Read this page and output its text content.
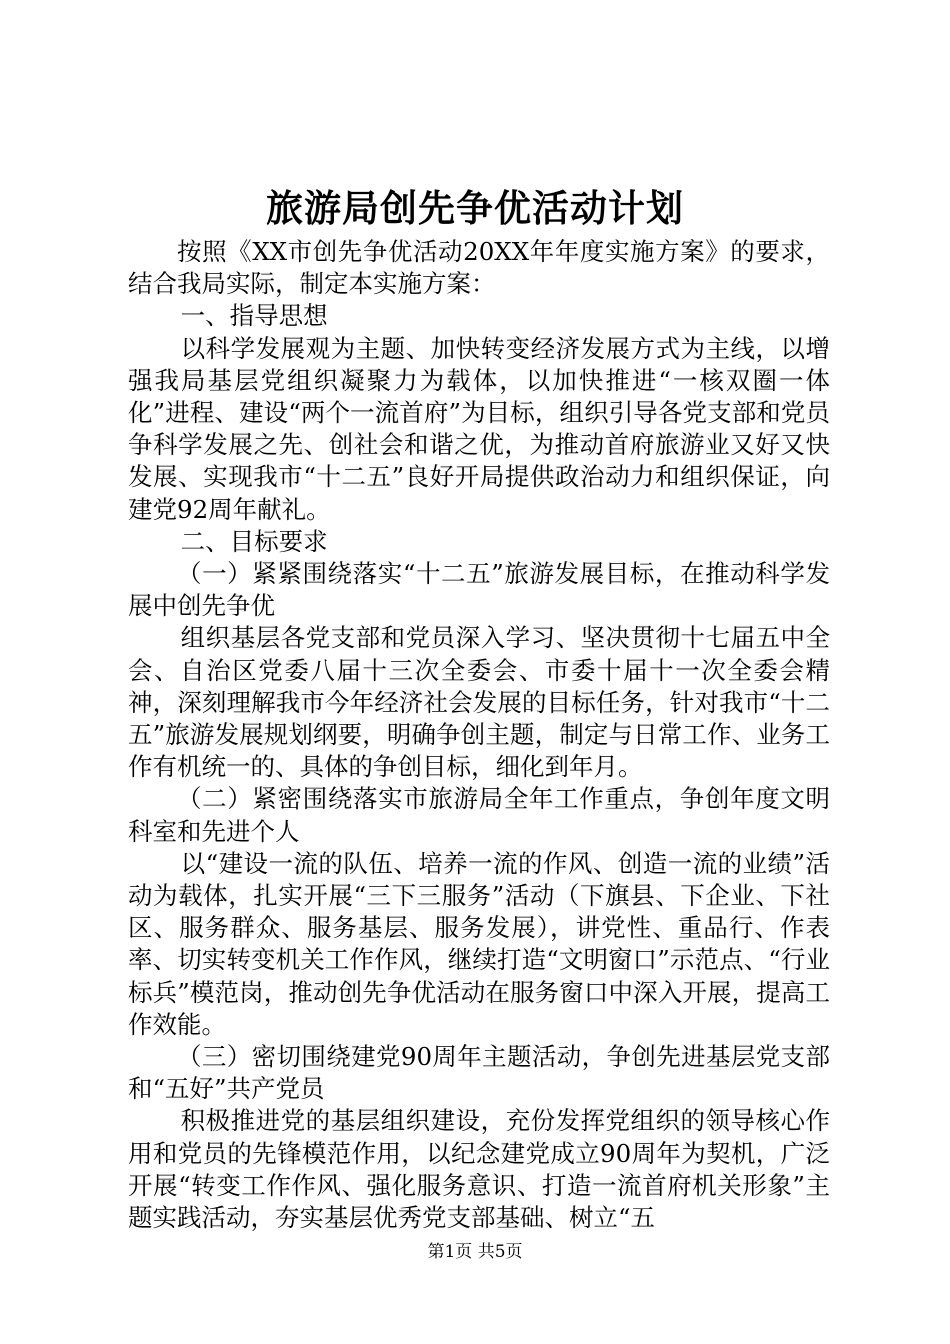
旅游局创先争优活动计划

按照《XX市创先争优活动20XX年年度实施方案》的要求，结合我局实际，制定本实施方案：

一、指导思想

以科学发展观为主题、加快转变经济发展方式为主线，以增强我局基层党组织凝聚力为载体，以加快推进“一核双圈一体化”进程、建设“两个一流首府”为目标，组织引导各党支部和党员争科学发展之先、创社会和谐之优，为推动首府旅游业又好又快发展、实现我市“十二五”良好开局提供政治动力和组织保证，向建党92周年献礼。

二、目标要求

（一）紧紧围绕落实“十二五”旅游发展目标，在推动科学发展中创先争优

组织基层各党支部和党员深入学习、坚决贯彻十七届五中全会、自治区党委八届十三次全委会、市委十届十一次全委会精神，深刻理解我市今年经济社会发展的目标任务，针对我市“十二五”旅游发展规划纲要，明确争创主题，制定与日常工作、业务工作有机统一的、具体的争创目标，细化到年月。

（二）紧密围绕落实市旅游局全年工作重点，争创年度文明科室和先进个人

以“建设一流的队伍、培养一流的作风、创造一流的业绩”活动为载体，扎实开展“三下三服务”活动（下旗县、下企业、下社区、服务群众、服务基层、服务发展），讲党性、重品行、作表率、切实转变机关工作作风，继续打造“文明窗口”示范点、“行业标兵”模范岗，推动创先争优活动在服务窗口中深入开展，提高工作效能。

（三）密切围绕建党90周年主题活动，争创先进基层党支部和“五好”共产党员

积极推进党的基层组织建设，充份发挥党组织的领导核心作用和党员的先锋模范作用，以纪念建党成立90周年为契机，广泛开展“转变工作作风、强化服务意识、打造一流首府机关形象”主题实践活动，夯实基层优秀党支部基础、树立“五

第1页 共5页
